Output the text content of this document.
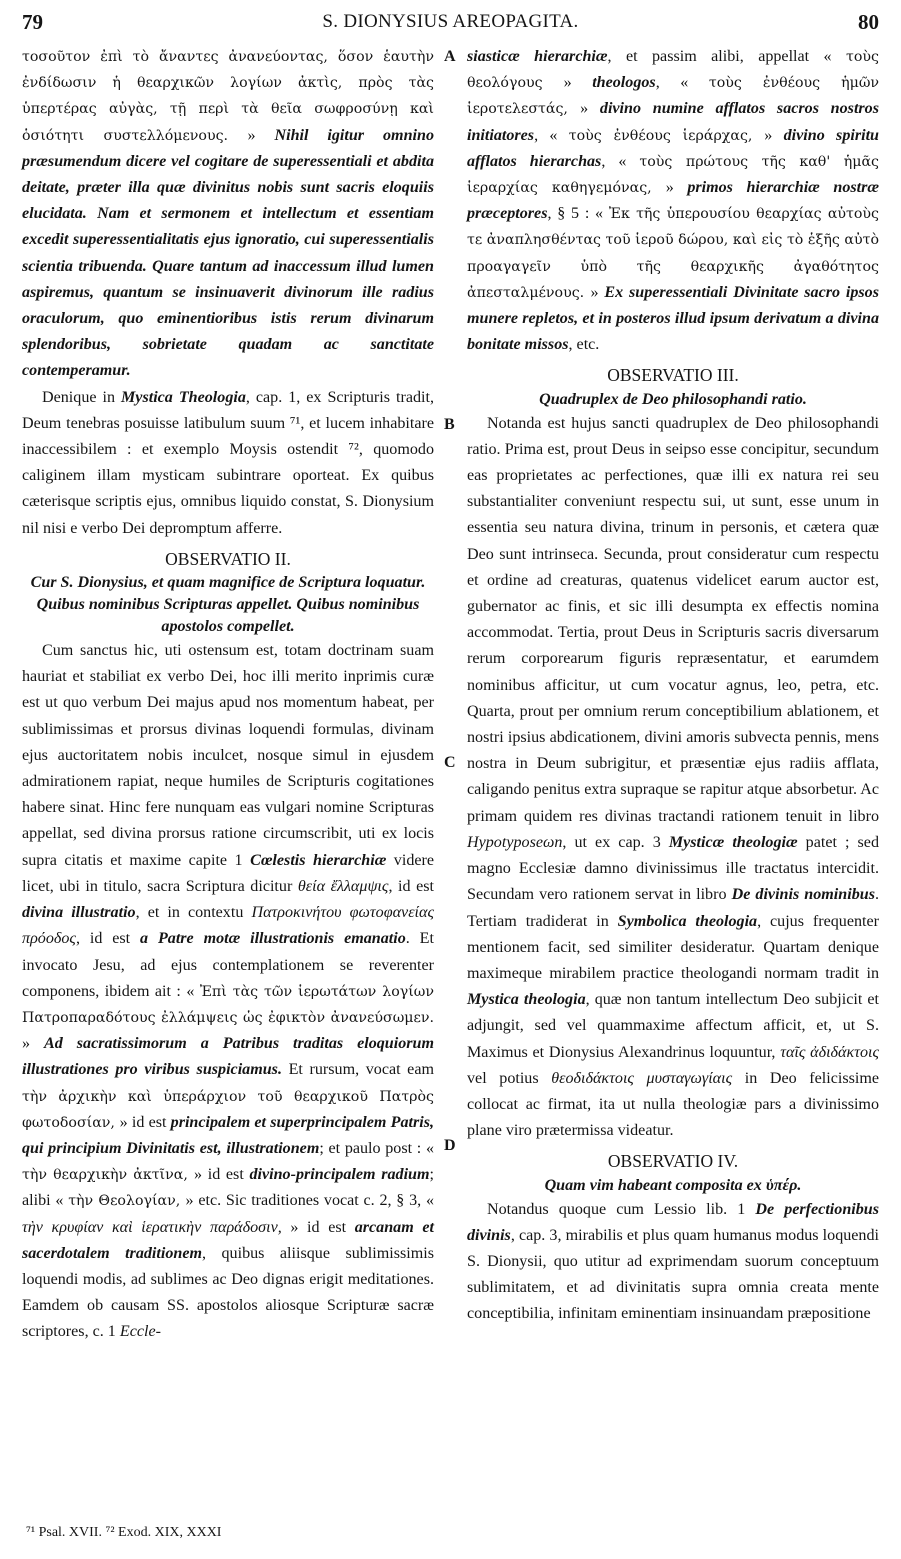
79	S. DIONYSIUS AREOPAGITA.	80

τοσοῦτον ἐπὶ τὸ ἄναντες ἀνανεύοντας, ὅσον ἑαυτὴν ἐνδίδωσιν ἡ θεαρχικῶν λογίων ἀκτὶς, πρὸς τὰς ὑπερτέρας αὐγὰς, τῇ περὶ τὰ θεῖα σωφροσύνῃ καὶ ὁσιότητι συστελλόμενους. » Nihil igitur omnino præsumendum dicere vel cogitare de superessentiali et abdita deitate, præter illa quæ divinitus nobis sunt sacris eloquiis elucidata. Nam et sermonem et intellectum et essentiam excedit superessentialitatis ejus ignoratio, cui superessentialis scientia tribuenda. Quare tantum ad inaccessum illud lumen aspiremus, quantum se insinuaverit divinorum ille radius oraculorum, quo eminentioribus istis rerum divinarum splendoribus, sobrietate quadam ac sanctitate contemperamur.

Denique in Mystica Theologia, cap. 1, ex Scripturis tradit, Deum tenebras posuisse latibulum suum ⁷¹, et lucem inhabitare inaccessibilem : et exemplo Moysis ostendit ⁷², quomodo caliginem illam mysticam subintrare oporteat. Ex quibus cæterisque scriptis ejus, omnibus liquido constat, S. Dionysium nil nisi e verbo Dei depromptum afferre.

OBSERVATIO II.
Cur S. Dionysius, et quam magnifice de Scriptura loquatur. Quibus nominibus Scripturas appellet. Quibus nominibus apostolos compellet.

Cum sanctus hic, uti ostensum est, totam doctrinam suam hauriat et stabiliat ex verbo Dei, hoc illi merito inprimis curæ est ut quo verbum Dei majus apud nos momentum habeat, per sublimissimas et prorsus divinas loquendi formulas, divinam ejus auctoritatem nobis inculcet, nosque simul in ejusdem admirationem rapiat, neque humiles de Scripturis cogitationes habere sinat. Hinc fere nunquam eas vulgari nomine Scripturas appellat, sed divina prorsus ratione circumscribit, uti ex locis supra citatis et maxime capite 1 Cœlestis hierarchiæ videre licet, ubi in titulo, sacra Scriptura dicitur θεία ἔλλαμψις, id est divina illustratio, et in contextu Πατροκινήτου φωτοφανείας πρόοδος, id est a Patre motæ illustrationis emanatio. Et invocato Jesu, ad ejus contemplationem se reverenter componens, ibidem ait : « Ἐπὶ τὰς τῶν ἱερωτάτων λογίων Πατροπαραδότους ἐλλάμψεις ὡς ἐφικτὸν ἀνανεύσωμεν. » Ad sacratissimorum a Patribus traditas eloquiorum illustrationes pro viribus suspiciamus. Et rursum, vocat eam τὴν ἀρχικὴν καὶ ὑπεράρχιον τοῦ θεαρχικοῦ Πατρὸς φωτοδοσίαν, » id est principalem et superprincipalem Patris, qui principium Divinitatis est, illustrationem; et paulo post : « τὴν θεαρχικὴν ἀκτῖνα, » id est divino-principalem radium; alibi « τὴν Θεολογίαν, » etc. Sic traditiones vocat c. 2, § 3, « τὴν κρυφίαν καὶ ἱερατικὴν παράδοσιν, » id est arcanam et sacerdotalem traditionem, quibus aliisque sublimissimis loquendi modis, ad sublimes ac Deo dignas erigit meditationes. Eamdem ob causam SS. apostolos aliosque Scripturæ sacræ scriptores, c. 1 Eccle-

siasticæ hierarchiæ, et passim alibi, appellat « τοὺς θεολόγους » theologos, « τοὺς ἐνθέους ἡμῶν ἱεροτελεστάς, » divino numine afflatos sacros nostros initiatores, « τοὺς ἐνθέους ἱεράρχας, » divino spiritu afflatos hierarchas, « τοὺς πρώτους τῆς καθ' ἡμᾶς ἱεραρχίας καθηγεμόνας, » primos hierarchiæ nostræ præceptores, § 5 : « Ἐκ τῆς ὑπερουσίου θεαρχίας αὐτοὺς τε ἀναπλησθέντας τοῦ ἱεροῦ δώρου, καὶ εἰς τὸ ἑξῆς αὐτὸ προαγαγεῖν ὑπὸ τῆς θεαρχικῆς ἀγαθότητος ἀπεσταλμένους. » Ex superessentiali Divinitate sacro ipsos munere repletos, et in posteros illud ipsum derivatum a divina bonitate missos, etc.

OBSERVATIO III.
Quadruplex de Deo philosophandi ratio.

Notanda est hujus sancti quadruplex de Deo philosophandi ratio. Prima est, prout Deus in seipso esse concipitur, secundum eas proprietates ac perfectiones, quæ illi ex natura rei seu substantialiter conveniunt respectu sui, ut sunt, esse unum in essentia seu natura divina, trinum in personis, et cætera quæ Deo sunt intrinseca. Secunda, prout consideratur cum respectu et ordine ad creaturas, quatenus videlicet earum auctor est, gubernator ac finis, et sic illi desumpta ex effectis nomina accommodat. Tertia, prout Deus in Scripturis sacris diversarum rerum corporearum figuris repræsentatur, et earumdem nominibus afficitur, ut cum vocatur agnus, leo, petra, etc. Quarta, prout per omnium rerum conceptibilium ablationem, et nostri ipsius abdicationem, divini amoris subvecta pennis, mens nostra in Deum subrigitur, et præsentiæ ejus radiis afflata, caligando penitus extra supraque se rapitur atque absorbetur. Ac primam quidem res divinas tractandi rationem tenuit in libro Hypotyposeωn, ut ex cap. 3 Mysticæ theologiæ patet ; sed magno Ecclesiæ damno divinissimus ille tractatus intercidit. Secundam vero rationem servat in libro De divinis nominibus. Tertiam tradiderat in Symbolica theologia, cujus frequenter mentionem facit, sed similiter desideratur. Quartam denique maximeque mirabilem practice theologandi normam tradit in Mystica theologia, quæ non tantum intellectum Deo subjicit et adjungit, sed vel quammaxime affectum afficit, et, ut S. Maximus et Dionysius Alexandrinus loquuntur, ταῖς ἀδιδάκτοις vel potius θεοδιδάκτοις μυσταγωγίαις in Deo felicissime collocat ac firmat, ita ut nulla theologiæ pars a divinissimo plane viro prætermissa videatur.

OBSERVATIO IV.
Quam vim habeant composita ex ὑπέρ.

Notandus quoque cum Lessio lib. 1 De perfectionibus divinis, cap. 3, mirabilis et plus quam humanus modus loquendi S. Dionysii, quo utitur ad exprimendam suorum conceptuum sublimitatem, et ad divinitatis supra omnia creata mente conceptibilia, infinitam eminentiam insinuandam præpositione

A
B
C
D
⁷¹ Psal. XVII. ⁷² Exod. XIX, XXXI
